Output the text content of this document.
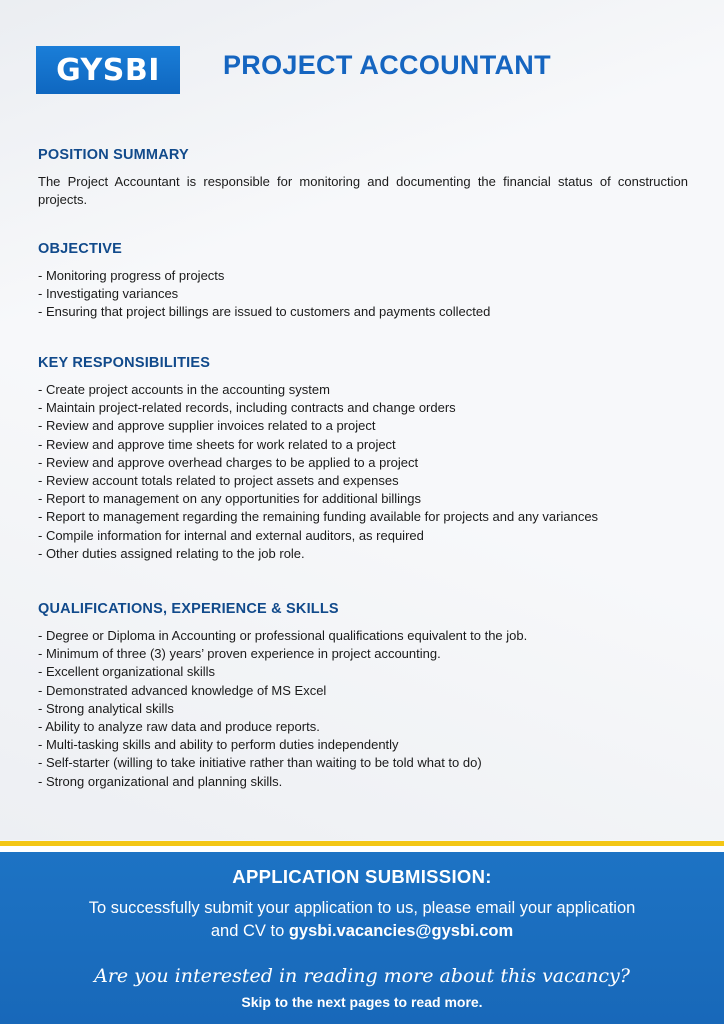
GYSBI PROJECT ACCOUNTANT
POSITION SUMMARY

The Project Accountant is responsible for monitoring and documenting the financial status of construction projects.

OBJECTIVE
- Monitoring progress of projects
- Investigating variances
- Ensuring that project billings are issued to customers and payments collected
KEY RESPONSIBILITIES
- Create project accounts in the accounting system
- Maintain project-related records, including contracts and change orders
- Review and approve supplier invoices related to a project
- Review and approve time sheets for work related to a project
- Review and approve overhead charges to be applied to a project
- Review account totals related to project assets and expenses
- Report to management on any opportunities for additional billings
- Report to management regarding the remaining funding available for projects and any variances
- Compile information for internal and external auditors, as required
- Other duties assigned relating to the job role.
QUALIFICATIONS, EXPERIENCE & SKILLS
- Degree or Diploma in Accounting or professional qualifications equivalent to the job.
- Minimum of three (3) years’ proven experience in project accounting.
- Excellent organizational skills
- Demonstrated advanced knowledge of MS Excel
- Strong analytical skills
- Ability to analyze raw data and produce reports.
- Multi-tasking skills and ability to perform duties independently
- Self-starter (willing to take initiative rather than waiting to be told what to do)
- Strong organizational and planning skills.
APPLICATION SUBMISSION:
To successfully submit your application to us, please email your application
and CV to gysbi.vacancies@gysbi.com
Are you interested in reading more about this vacancy?
Skip to the next pages to read more.
